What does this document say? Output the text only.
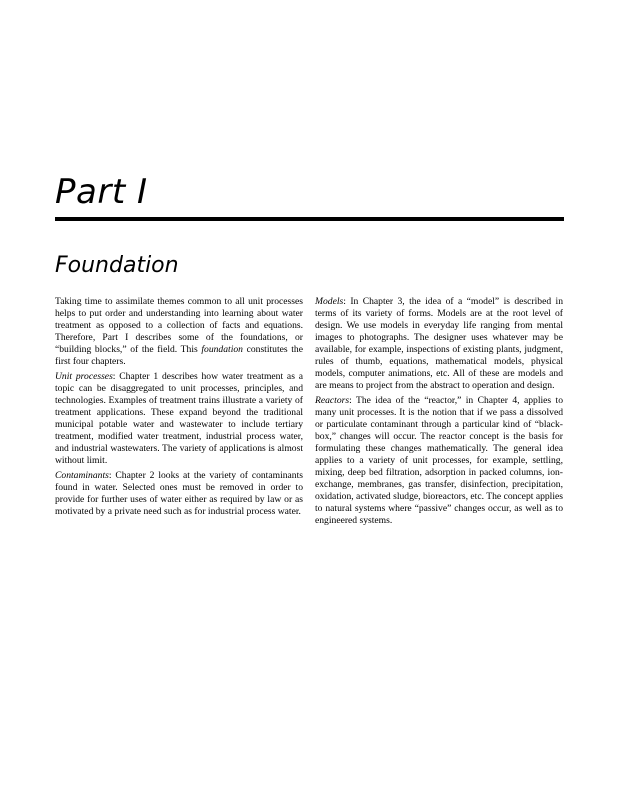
Part I
Foundation

Taking time to assimilate themes common to all unit processes helps to put order and understanding into learning about water treatment as opposed to a collection of facts and equations. Therefore, Part I describes some of the foundations, or “building blocks,” of the field. This foundation constitutes the first four chapters.

Unit processes: Chapter 1 describes how water treatment as a topic can be disaggregated to unit processes, principles, and technologies. Examples of treatment trains illustrate a variety of treatment applications. These expand beyond the traditional municipal potable water and wastewater to include tertiary treatment, modified water treatment, industrial process water, and industrial wastewaters. The variety of applications is almost without limit.

Contaminants: Chapter 2 looks at the variety of contaminants found in water. Selected ones must be removed in order to provide for further uses of water either as required by law or as motivated by a private need such as for industrial process water.

Models: In Chapter 3, the idea of a “model” is described in terms of its variety of forms. Models are at the root level of design. We use models in everyday life ranging from mental images to photographs. The designer uses whatever may be available, for example, inspections of existing plants, judgment, rules of thumb, equations, mathematical models, physical models, computer animations, etc. All of these are models and are means to project from the abstract to operation and design.

Reactors: The idea of the “reactor,” in Chapter 4, applies to many unit processes. It is the notion that if we pass a dissolved or particulate contaminant through a particular kind of “black-box,” changes will occur. The reactor concept is the basis for formulating these changes mathematically. The general idea applies to a variety of unit processes, for example, settling, mixing, deep bed filtration, adsorption in packed columns, ion-exchange, membranes, gas transfer, disinfection, precipitation, oxidation, activated sludge, bioreactors, etc. The concept applies to natural systems where “passive” changes occur, as well as to engineered systems.
